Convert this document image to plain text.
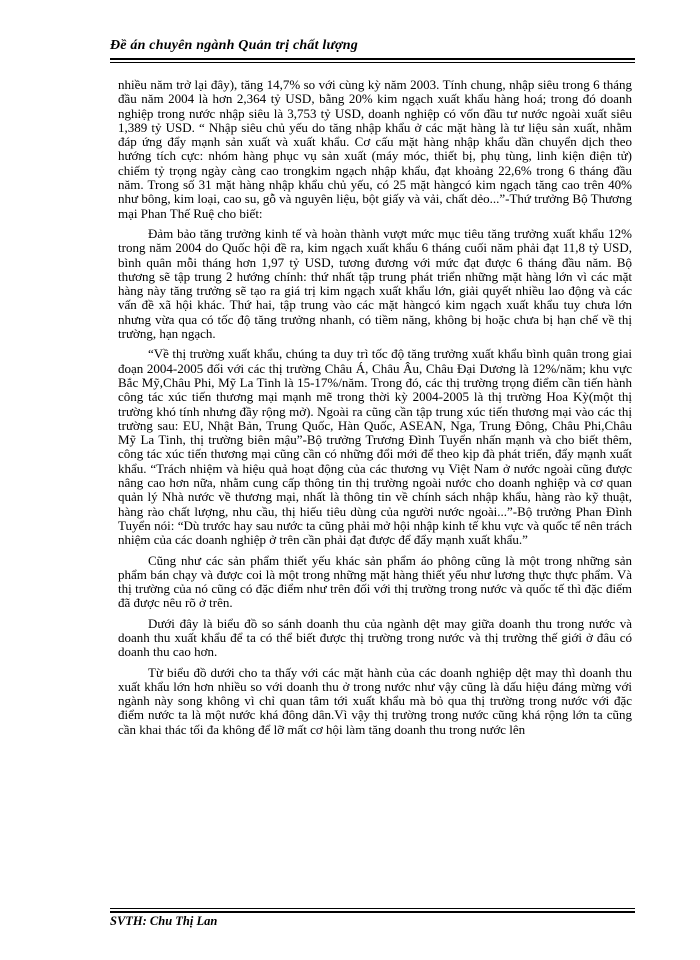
Đề án chuyên ngành Quản trị chất lượng

nhiều năm trở lại đây), tăng 14,7% so với cùng kỳ năm 2003. Tính chung, nhập siêu trong 6 tháng đầu năm 2004 là hơn 2,364 tỷ USD, bằng 20% kim ngạch xuất khẩu hàng hoá; trong đó doanh nghiệp trong nước nhập siêu là 3,753 tỷ USD, doanh nghiệp có vốn đầu tư nước ngoài xuất siêu 1,389 tỷ USD. “ Nhập siêu chủ yếu do tăng nhập khẩu ở các mặt hàng là tư liệu sản xuất, nhằm đáp ứng đẩy mạnh sản xuất và xuất khẩu. Cơ cấu mặt hàng nhập khẩu dần chuyển dịch theo hướng tích cực: nhóm hàng phục vụ sản xuất (máy móc, thiết bị, phụ tùng, linh kiện điện tử) chiếm tỷ trọng ngày càng cao trongkim ngạch nhập khẩu, đạt khoảng 22,6% trong 6 tháng đầu năm. Trong số 31 mặt hàng nhập khẩu chủ yếu, có 25 mặt hàngcó kim ngạch tăng cao trên 40% như bông, kim loại, cao su, gỗ và nguyên liệu, bột giấy và vải, chất dẻo...”-Thứ trưởng Bộ Thương mại Phan Thế Ruệ cho biết:

Đảm bảo tăng trưởng kinh tế và hoàn thành vượt mức mục tiêu tăng trưởng xuất khẩu 12% trong năm 2004 do Quốc hội đề ra, kim ngạch xuất khẩu 6 tháng cuối năm phải đạt 11,8 tỷ USD, bình quân mỗi tháng hơn 1,97 tỷ USD, tương đương với mức đạt được 6 tháng đầu năm. Bộ thương sẽ tập trung 2 hướng chính: thứ nhất tập trung phát triển những mặt hàng lớn vì các mặt hàng này tăng trưởng sẽ tạo ra giá trị kim ngạch xuất khẩu lớn, giải quyết nhiều lao động và các vấn đề xã hội khác. Thứ hai, tập trung vào các mặt hàngcó kim ngạch xuất khẩu tuy chưa lớn nhưng vừa qua có tốc độ tăng trưởng nhanh, có tiềm năng, không bị hoặc chưa bị hạn chế về thị trường, hạn ngạch.

“Về thị trường xuất khẩu, chúng ta duy trì tốc độ tăng trưởng xuất khẩu bình quân trong giai đoạn 2004-2005 đối với các thị trường Châu Á, Châu Âu, Châu Đại Dương là 12%/năm; khu vực Bắc Mỹ,Châu Phi, Mỹ La Tinh là 15-17%/năm. Trong đó, các thị trường trọng điểm cần tiến hành công tác xúc tiến thương mại mạnh mẽ trong thời kỳ 2004-2005 là thị trường Hoa Kỳ(một thị trường khó tính nhưng đầy rộng mở). Ngoài ra cũng cần tập trung xúc tiến thương mại vào các thị trường sau: EU, Nhật Bản, Trung Quốc, Hàn Quốc, ASEAN, Nga, Trung Đông, Châu Phi,Châu Mỹ La Tinh, thị trường biên mậu”-Bộ trưởng Trương Đình Tuyển nhấn mạnh và cho biết thêm, công tác xúc tiến thương mại cũng cần có những đổi mới để theo kịp đà phát triển, đẩy mạnh xuất khẩu. “Trách nhiệm và hiệu quả hoạt động của các thương vụ Việt Nam ở nước ngoài cũng được nâng cao hơn nữa, nhằm cung cấp thông tin thị trường ngoài nước cho doanh nghiệp và cơ quan quản lý Nhà nước về thương mại, nhất là thông tin về chính sách nhập khẩu, hàng rào kỹ thuật, hàng rào chất lượng, nhu cầu, thị hiếu tiêu dùng của người nước ngoài...”-Bộ trưởng Phan Đình Tuyển nói: “Dù trước hay sau nước ta cũng phải mở hội nhập kinh tế khu vực và quốc tế nên trách nhiệm của các doanh nghiệp ở trên cần phải đạt được để đẩy mạnh xuất khẩu.”

Cũng như các sản phẩm thiết yếu khác sản phẩm áo phông cũng là một trong những sản phẩm bán chạy và được coi là một trong những mặt hàng thiết yếu như lương thực thực phẩm. Và thị trường của nó cũng có đặc điểm như trên đối với thị trường trong nước và quốc tế thì đặc điểm đã được nêu rõ ở trên.

Dưới đây là biểu đồ so sánh doanh thu của ngành dệt may giữa doanh thu trong nước và doanh thu xuất khẩu để ta có thể biết được thị trường trong nước và thị trường thế giới ở đâu có doanh thu cao hơn.

Từ biểu đồ dưới cho ta thấy với các mặt hành của các doanh nghiệp dệt may thì doanh thu xuất khẩu lớn hơn nhiều so với doanh thu ở trong nước như vậy cũng là dấu hiệu đáng mừng với ngành này song không vì chỉ quan tâm tới xuất khẩu mà bỏ qua thị trường trong nước với đặc điểm nước ta là một nước khá đông dân.Vì vậy thị trường trong nước cũng khá rộng lớn ta cũng cần khai thác tối đa không để lỡ mất cơ hội làm tăng doanh thu trong nước lên

SVTH: Chu Thị Lan
